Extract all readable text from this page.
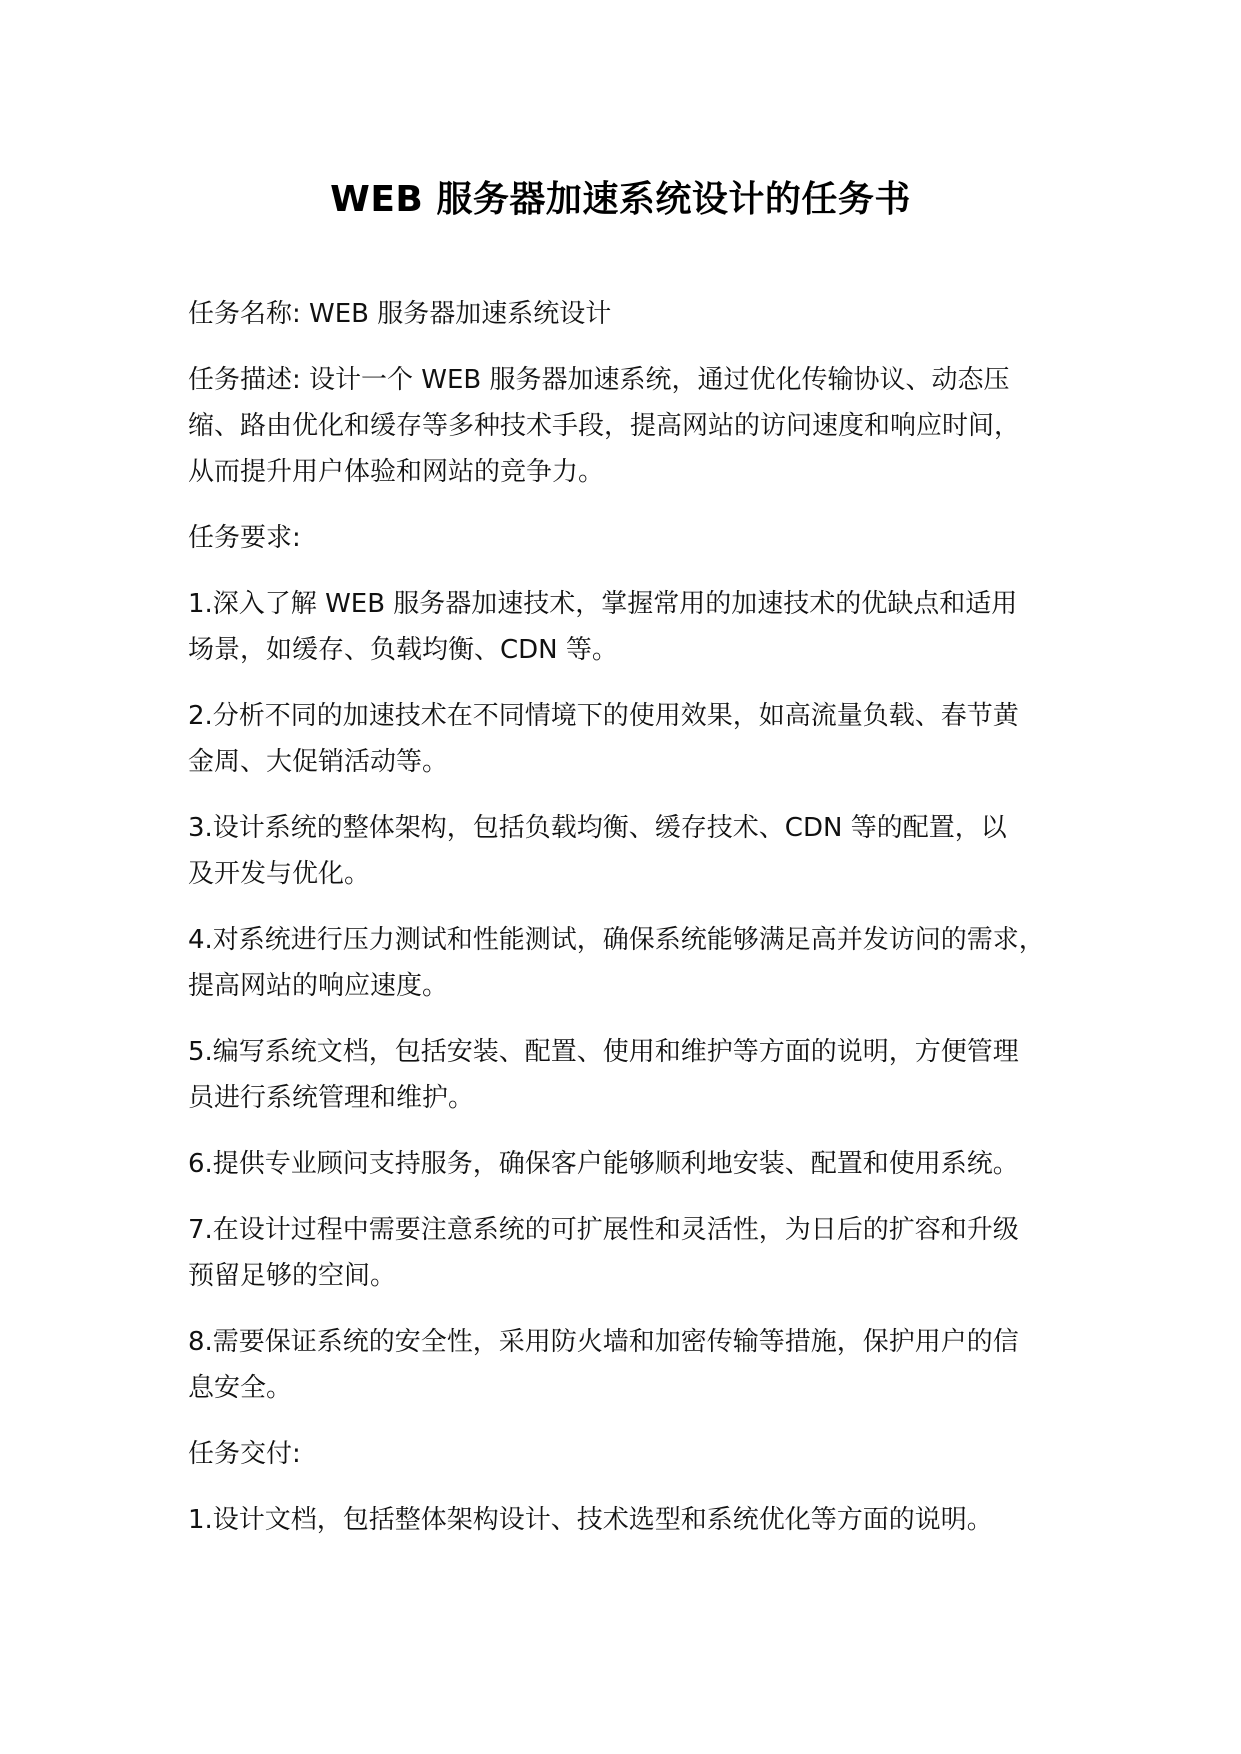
WEB 服务器加速系统设计的任务书

任务名称: WEB 服务器加速系统设计

任务描述: 设计一个 WEB 服务器加速系统，通过优化传输协议、动态压
缩、路由优化和缓存等多种技术手段，提高网站的访问速度和响应时间，
从而提升用户体验和网站的竞争力。

任务要求:

1.深入了解 WEB 服务器加速技术，掌握常用的加速技术的优缺点和适用
场景，如缓存、负载均衡、CDN 等。

2.分析不同的加速技术在不同情境下的使用效果，如高流量负载、春节黄
金周、大促销活动等。

3.设计系统的整体架构，包括负载均衡、缓存技术、CDN 等的配置，以
及开发与优化。

4.对系统进行压力测试和性能测试，确保系统能够满足高并发访问的需求，
提高网站的响应速度。

5.编写系统文档，包括安装、配置、使用和维护等方面的说明，方便管理
员进行系统管理和维护。

6.提供专业顾问支持服务，确保客户能够顺利地安装、配置和使用系统。

7.在设计过程中需要注意系统的可扩展性和灵活性，为日后的扩容和升级
预留足够的空间。

8.需要保证系统的安全性，采用防火墙和加密传输等措施，保护用户的信
息安全。

任务交付:

1.设计文档，包括整体架构设计、技术选型和系统优化等方面的说明。
